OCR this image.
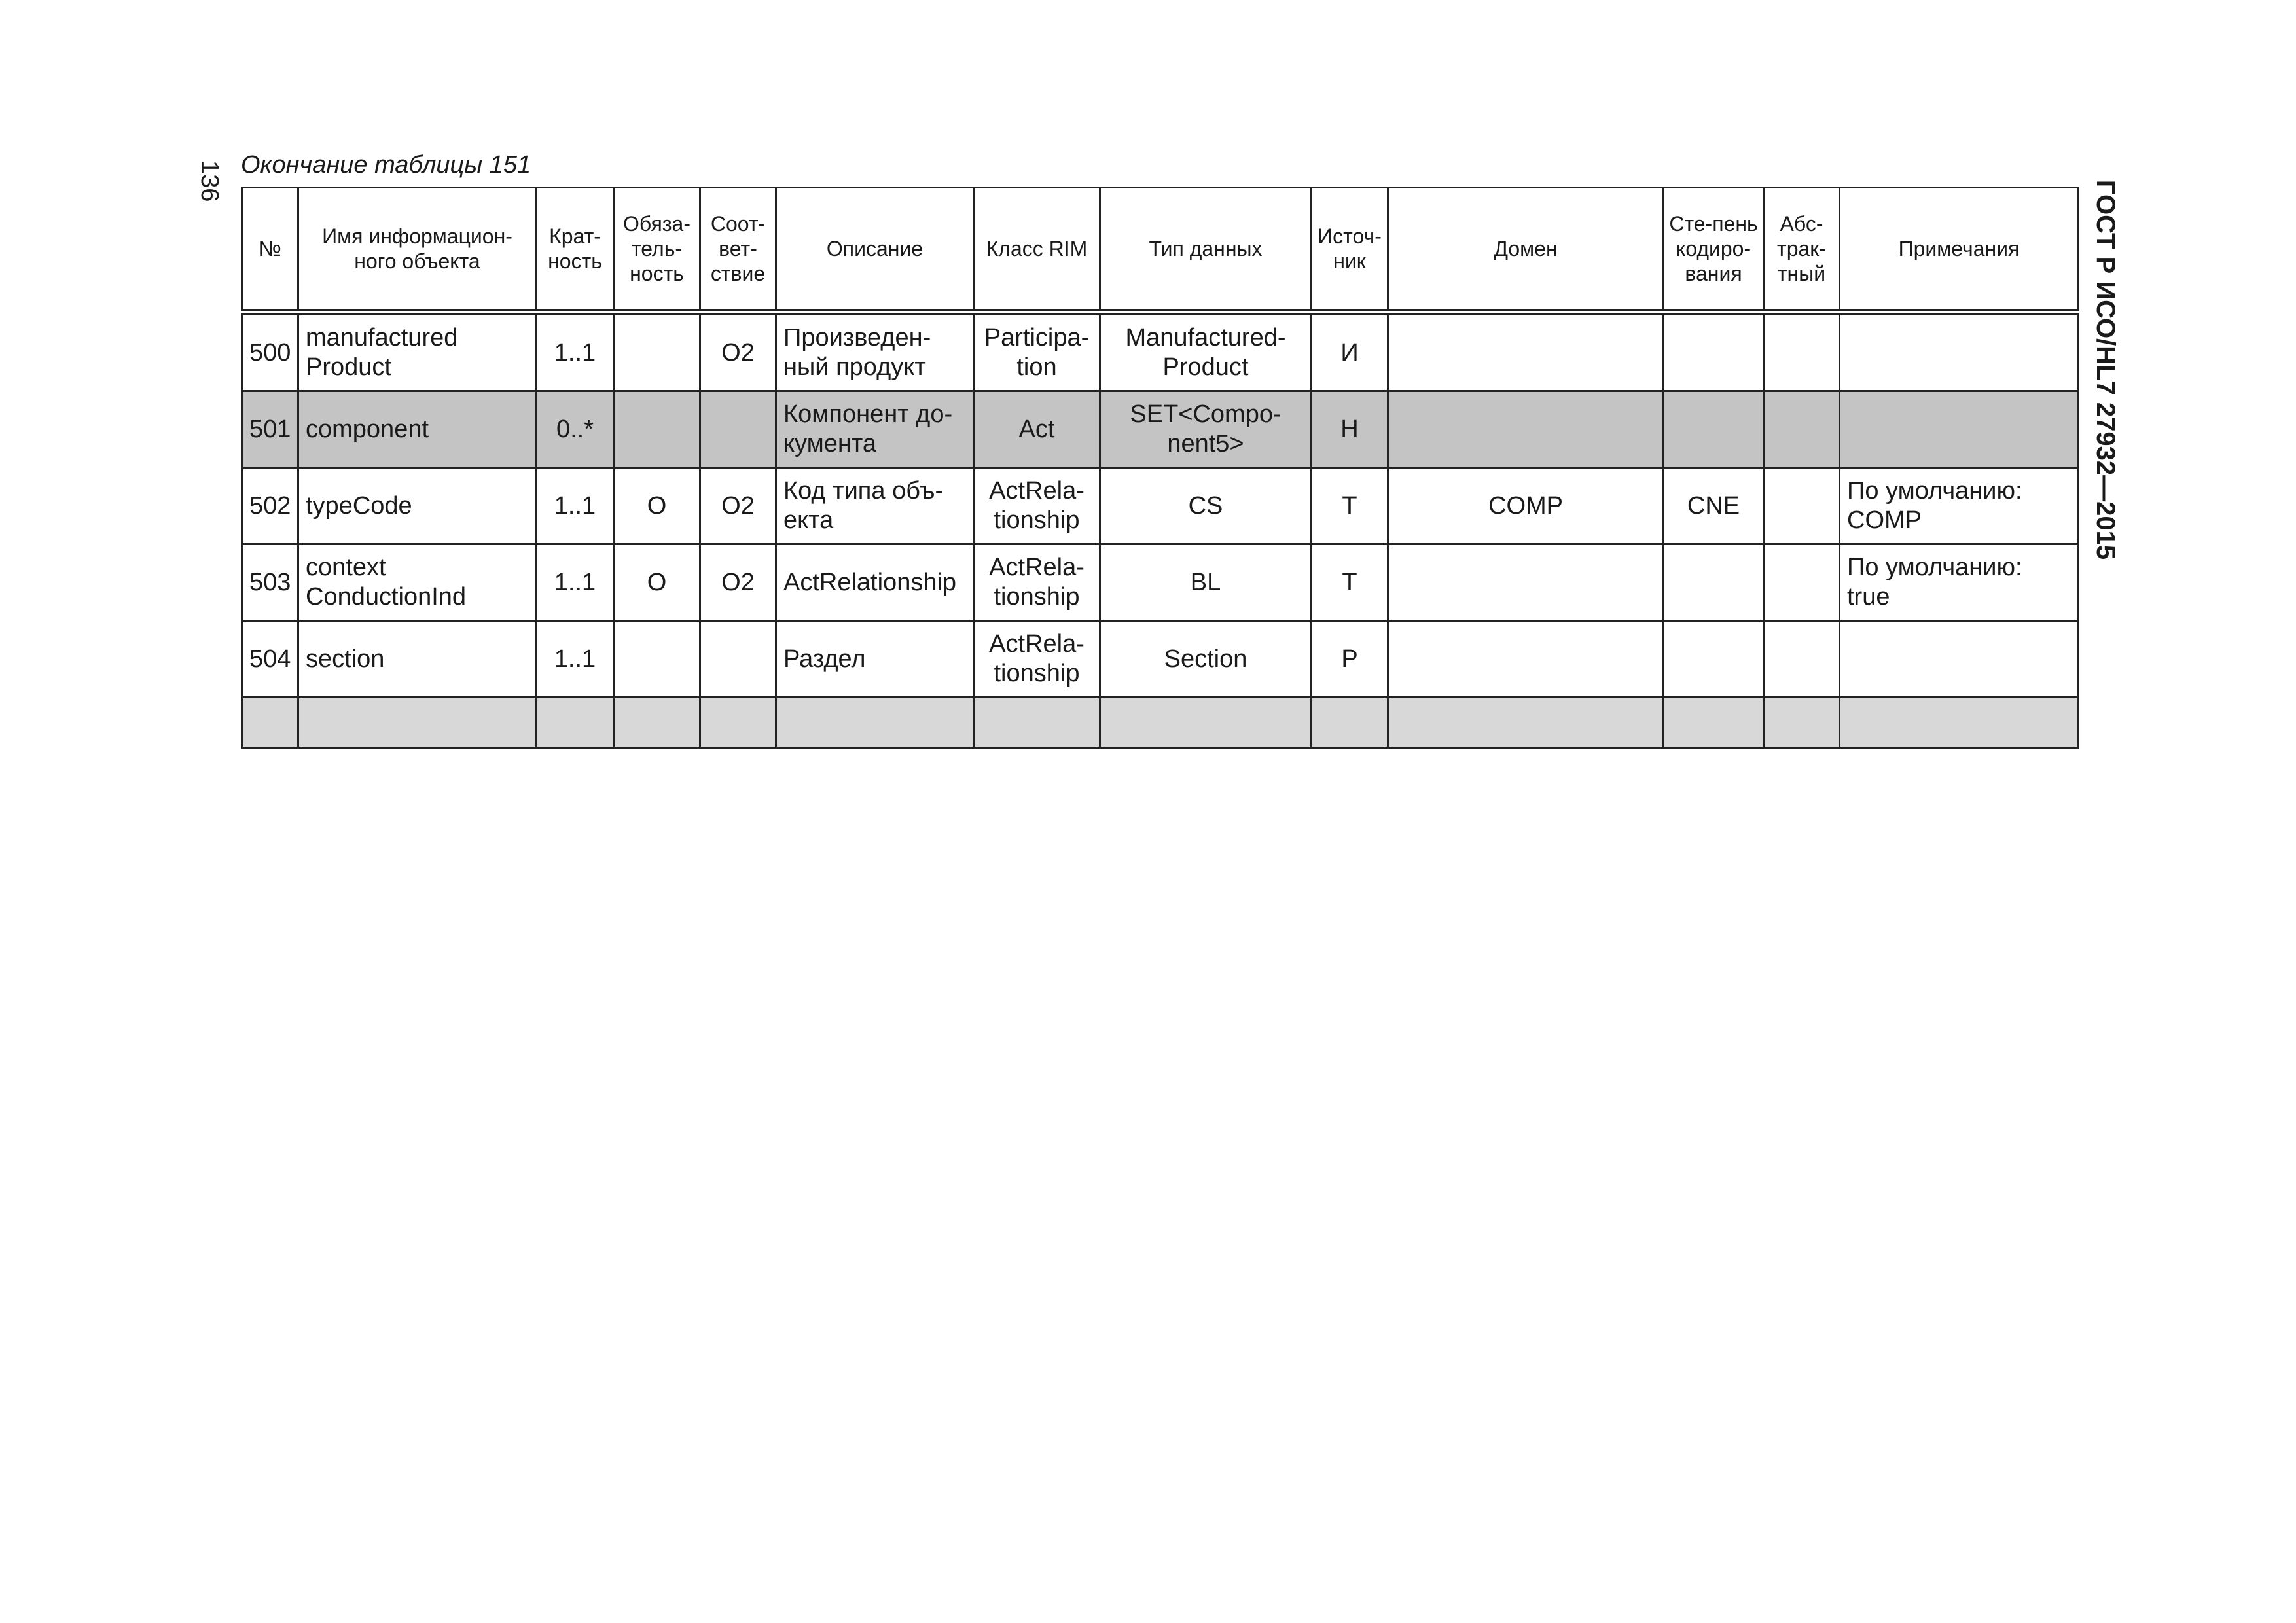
136 Окончание таблицы 151
ГОСТ Р ИСО/HL7 27932—2015
№	Имя информацион-ного объекта	Крат-ность	Обяза-тель-ность	Соот-вет-ствие	Описание	Класс RIM	Тип данных	Источ-ник	Домен	Сте-пень кодиро-вания	Абс-трак-тный	Примечания
500	manufactured Product	1..1		O2	Произведен-ный продукт	Participa-tion	Manufactured-Product	И				
501	component	0..*			Компонент до-кумента	Act	SET<Compo-nent5>	Н				
502	typeCode	1..1	O	O2	Код типа объ-екта	ActRela-tionship	CS	Т	COMP	CNE		По умолчанию: COMP
503	context ConductionInd	1..1	O	O2	ActRelationship	ActRela-tionship	BL	Т				По умолчанию: true
504	section	1..1			Раздел	ActRela-tionship	Section	Р				
